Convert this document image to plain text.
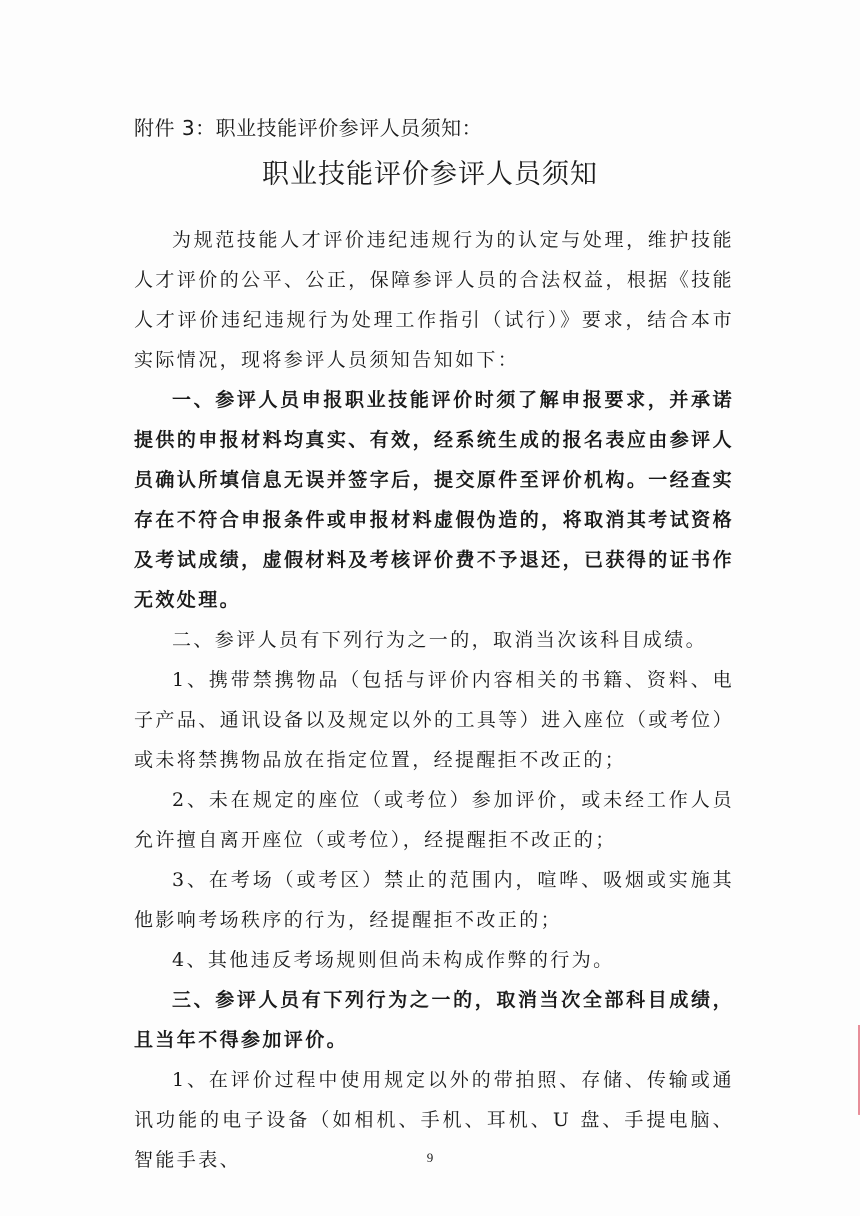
附件 3：职业技能评价参评人员须知：
职业技能评价参评人员须知

为规范技能人才评价违纪违规行为的认定与处理，维护技能人才评价的公平、公正，保障参评人员的合法权益，根据《技能人才评价违纪违规行为处理工作指引（试行）》要求，结合本市实际情况，现将参评人员须知告知如下：

一、参评人员申报职业技能评价时须了解申报要求，并承诺提供的申报材料均真实、有效，经系统生成的报名表应由参评人员确认所填信息无误并签字后，提交原件至评价机构。一经查实存在不符合申报条件或申报材料虚假伪造的，将取消其考试资格及考试成绩，虚假材料及考核评价费不予退还，已获得的证书作无效处理。

二、参评人员有下列行为之一的，取消当次该科目成绩。

1、携带禁携物品（包括与评价内容相关的书籍、资料、电子产品、通讯设备以及规定以外的工具等）进入座位（或考位）或未将禁携物品放在指定位置，经提醒拒不改正的；

2、未在规定的座位（或考位）参加评价，或未经工作人员允许擅自离开座位（或考位），经提醒拒不改正的；

3、在考场（或考区）禁止的范围内，喧哗、吸烟或实施其他影响考场秩序的行为，经提醒拒不改正的；

4、其他违反考场规则但尚未构成作弊的行为。

三、参评人员有下列行为之一的，取消当次全部科目成绩，且当年不得参加评价。

1、在评价过程中使用规定以外的带拍照、存储、传输或通讯功能的电子设备（如相机、手机、耳机、U 盘、手提电脑、智能手表、	9
